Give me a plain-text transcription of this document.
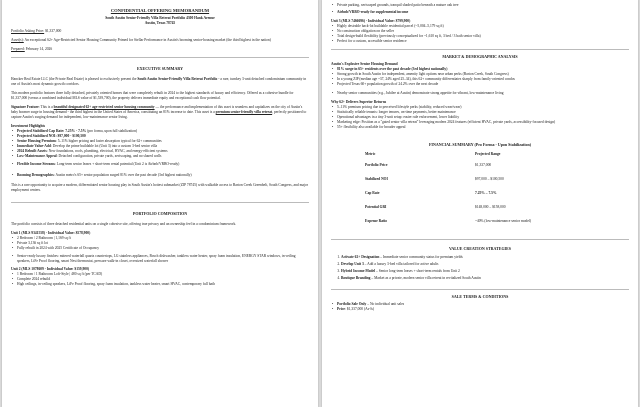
CONFIDENTIAL OFFERING MEMORANDUM
South Austin Senior-Friendly Villa Retreat Portfolio 4300 Hank Avenue
Austin, Texas 78745

Portfolio Asking Price: $1,337,000

Asset(s): An exceptional 62+ Age-Restricted Senior Housing Community Primed for Stellar Performance in Austin's booming senior-housing market (the third highest in the nation)

Prepared: February 14, 2026

EXECUTIVE SUMMARY

Hancker Real Estate LLC (the Private Real Estate) is pleased to exclusively present the South Austin Senior-Friendly Villa Retreat Portfolio - a rare, turnkey 3-unit detached condominium community in one of Austin's most dynamic growth corridors.

This modern portfolio features three fully detached, privately oriented homes that were completely rebuilt in 2024 to the highest standards of luxury and efficiency. Offered as a cohesive bundle for $1,337,000 (versus a combined individual MLS value of $1,539,700), the property delivers immediate equity and exceptional cash flow potential.

Signature Feature: This is a beautiful designated 62+ age-restricted senior housing community — the performance and implementation of this asset is seamless and capitalizes on the city of Austin's baby boomer surge in housing demand - the third highest in the United States of America, constituting an 81% increase to date. This asset is a premium senior-friendly villa retreat, perfectly positioned to capture Austin's surging demand for independent, low-maintenance senior living.

Investment Highlights
• Projected Stabilized Cap Rate: 7.25% - 7.5% (pro forma, upon full stabilization)
• Projected Stabilized NOI: $97,000 - $100,500
• Senior Housing Premium: 5–11% higher pricing and faster absorption typical for 62+ communities
• Immediate Value-Add: Develop the prime buildable lot (Unit 3) into a custom 3-bed senior villa
• 2024 Rebuilt Assets: New foundations, roofs, plumbing, electrical, HVAC, and energy-efficient systems
• Low-Maintenance Appeal: Detached configuration, private yards, xeriscaping, and no shared walls
• Flexible Income Streams: Long-term senior leases + short-term rental potential (Unit 2 is Airbnb/VRBO-ready)
• Booming Demographics: Austin metro's 65+ senior population surged 81% over the past decade (3rd highest nationally)

This is a rare opportunity to acquire a modern, differentiated senior housing play in South Austin's hottest submarket (ZIP 78745) with walkable access to Barton Creek Greenbelt, South Congress, and major employment centers.

PORTFOLIO COMPOSITION

The portfolio consists of three detached residential units on a single cohesive site, offering true privacy and an ownership feel in a condominium framework.

Unit 1 (MLS 9341558) - Individual Value: $578,900)
• 2 Bedroom / 2 Bathroom | 1,169 sq ft
• Private 3,136 sq ft lot
• Fully rebuilt in 2024 with 2025 Certificate of Occupancy
• Senior-ready luxury finishes: mitered waterfall quartz countertops, LG stainless appliances, Bosch dishwasher, tankless water heater, spray foam insulation, ENERGY STAR windows, in-ceiling speakers, LiFe Proof flooring, smart Nest thermostat, pressure walk-in closet, oversized waterfall shower
Unit 2 (MLS 1078609 - Individual Value: $159,900)
• 1 Bedroom / 1 Bathroom Loft-Style | 480 sq ft (per TCAD)
• Complete 2024 rebuild
• High ceilings, in-ceiling speakers, LiFe Proof flooring, spray foam insulation, tankless water heater, smart HVAC, contemporary full bath
• Private parking, xeriscaped grounds, tranquil shaded patio beneath a mature oak tree
• Airbnb/VRBO-ready for supplemental income
Unit 3 (MLS 7466696) - Individual Value: $799,900)
• Highly desirable back-lot buildable residential parcel (~5,004–5,179 sq ft)
• No construction obligation on the seller
• Total design-build flexibility (previously conceptualized for ~1,610 sq ft, 3 bed / 3 bath senior villa)
• Perfect for a custom, accessible senior residence
MARKET & DEMOGRAPHIC ANALYSIS
Austin's Explosive Senior Housing Demand
• 81% surge in 65+ residents over the past decade (3rd highest nationally)
• Strong growth in South Austin for independent, amenity light options near urban perks (Barton Creek, South Congress)
• In a young ZIP (median age ~37, 24% aged 25–34), this 62+ community differentiates sharply from family-oriented condos
• Projected Texas 60+ population growth of 24.2% over the next decade
• Nearby senior communities (e.g., Jubilee at Austin) demonstrate strong appetite for vibrant, low-maintenance living
Why 62+ Delivers Superior Returns
• 5–11% premium pricing due to perceived lifestyle perks (stability, reduced wear/wear)
• Statistically reliable tenants: longer tenures, on-time payments, better maintenance
• Operational advantages in a tiny 3-unit setup: easier rule enforcement, lower liability
• Marketing edge: Position as a "gated senior villa retreat" leveraging modern 2024 features (efficient HVAC, private yards, accessibility-focused design)
• 55+ flexibility also available for broader appeal
FINANCIAL SUMMARY (Pro Forma - Upon Stabilization)
Metric	Projected Range
Portfolio Price	$1,337,000
Stabilized NOI	$97,000 – $100,500
Cap Rate	7.25% – 7.5%
Potential GRI	$148,000 – $158,000
Expense Ratio	~40% (low-maintenance senior model)
VALUE CREATION STRATEGIES
1. Activate 62+ Designation – Immediate senior community status for premium yields
2. Develop Unit 3 – Add a luxury 3-bed villa tailored for active adults
3. Hybrid Income Model – Senior long-term leases + short-term rentals from Unit 2
4. Boutique Branding – Market as a private, modern senior villa retreat in revitalized South Austin
SALE TERMS & CONDITIONS
• Portfolio Sale Only – No individual unit sales
• Price: $1,337,000 (As-Is)
